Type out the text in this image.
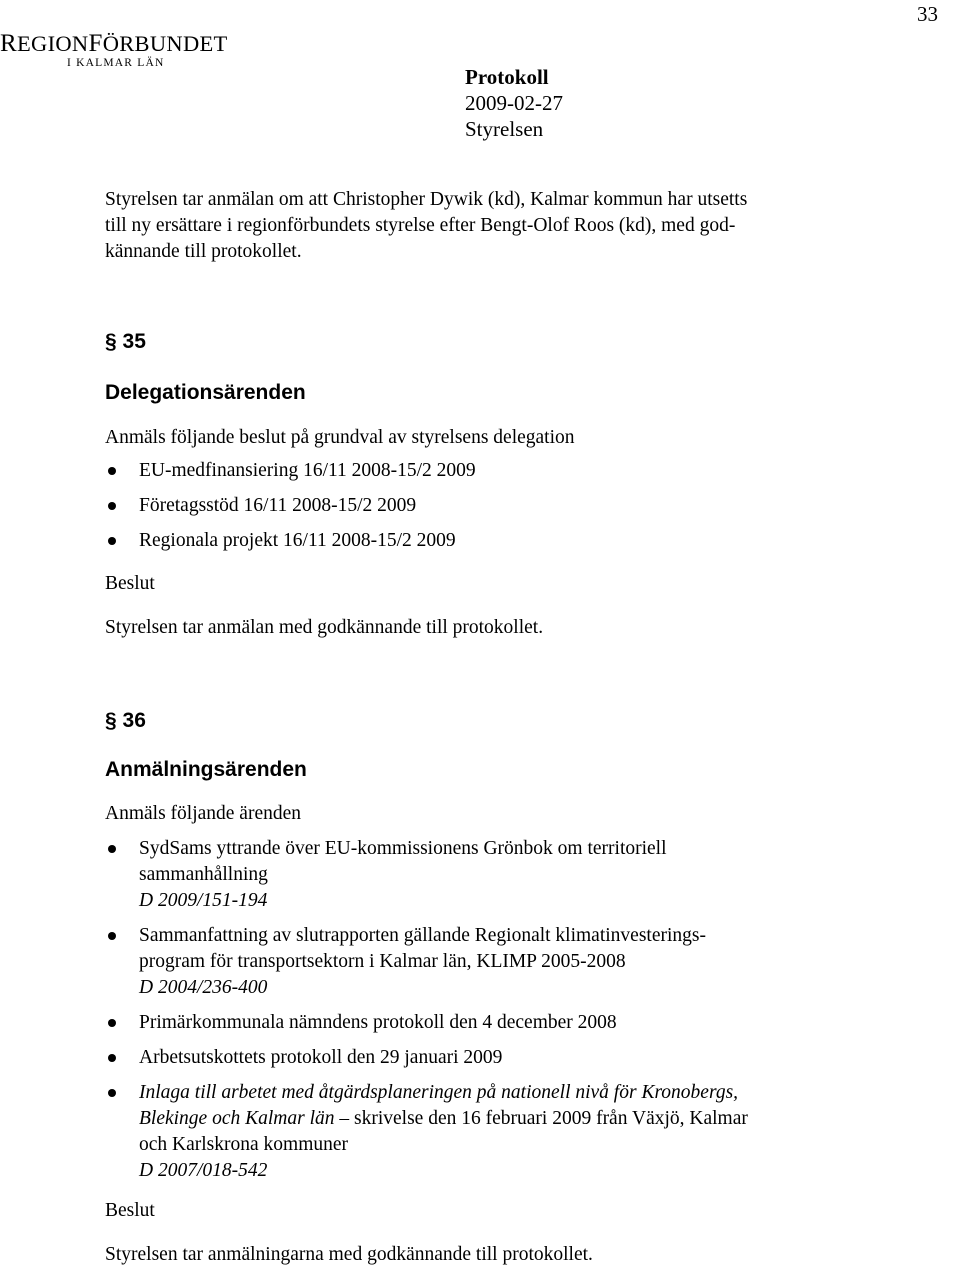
33
REGIONFÖRBUNDET
I KALMAR LÄN
Protokoll
2009-02-27
Styrelsen
Styrelsen tar anmälan om att Christopher Dywik (kd), Kalmar kommun har utsetts
till ny ersättare i regionförbundets styrelse efter Bengt-Olof Roos (kd), med god-
kännande till protokollet.
§ 35
Delegationsärenden
Anmäls följande beslut på grundval av styrelsens delegation
EU-medfinansiering 16/11 2008-15/2 2009
Företagsstöd 16/11 2008-15/2 2009
Regionala projekt 16/11 2008-15/2 2009
Beslut
Styrelsen tar anmälan med godkännande till protokollet.
§ 36
Anmälningsärenden
Anmäls följande ärenden
SydSams yttrande över EU-kommissionens Grönbok om territoriell
sammanhållning
D 2009/151-194
Sammanfattning av slutrapporten gällande Regionalt klimatinvesterings-
program för transportsektorn i Kalmar län, KLIMP 2005-2008
D 2004/236-400
Primärkommunala nämndens protokoll den 4 december 2008
Arbetsutskottets protokoll den 29 januari 2009
Inlaga till arbetet med åtgärdsplaneringen på nationell nivå för Kronobergs,
Blekinge och Kalmar län – skrivelse den 16 februari 2009 från Växjö, Kalmar
och Karlskrona kommuner
D 2007/018-542
Beslut
Styrelsen tar anmälningarna med godkännande till protokollet.
